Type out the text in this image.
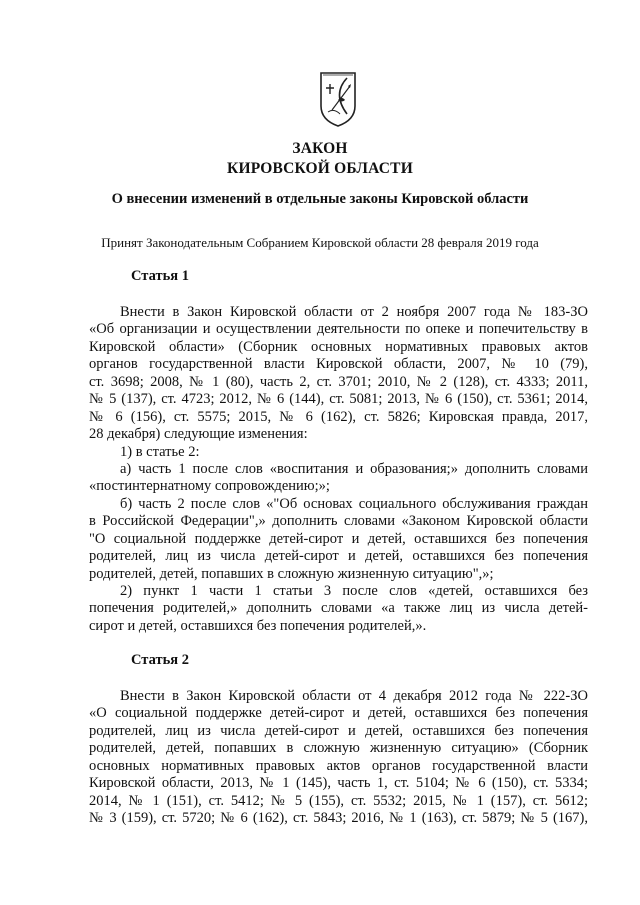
ЗАКОН
КИРОВСКОЙ ОБЛАСТИ
О внесении изменений в отдельные законы Кировской области
Принят Законодательным Собранием Кировской области 28 февраля 2019 года
Статья 1
Внести в Закон Кировской области от 2 ноября 2007 года № 183-ЗО
«Об организации и осуществлении деятельности по опеке и попечительству в
Кировской области» (Сборник основных нормативных правовых актов
органов государственной власти Кировской области, 2007, № 10 (79),
ст. 3698; 2008, № 1 (80), часть 2, ст. 3701; 2010, № 2 (128), ст. 4333; 2011,
№ 5 (137), ст. 4723; 2012, № 6 (144), ст. 5081; 2013, № 6 (150), ст. 5361; 2014,
№ 6 (156), ст. 5575; 2015, № 6 (162), ст. 5826; Кировская правда, 2017,
28 декабря) следующие изменения:
1) в статье 2:
а) часть 1 после слов «воспитания и образования;» дополнить словами
«постинтернатному сопровождению;»;
б) часть 2 после слов «"Об основах социального обслуживания граждан
в Российской Федерации",» дополнить словами «Законом Кировской области
"О социальной поддержке детей-сирот и детей, оставшихся без попечения
родителей, лиц из числа детей-сирот и детей, оставшихся без попечения
родителей, детей, попавших в сложную жизненную ситуацию",»;
2) пункт 1 части 1 статьи 3 после слов «детей, оставшихся без
попечения родителей,» дополнить словами «а также лиц из числа детей-
сирот и детей, оставшихся без попечения родителей,».
Статья 2
Внести в Закон Кировской области от 4 декабря 2012 года № 222-ЗО
«О социальной поддержке детей-сирот и детей, оставшихся без попечения
родителей, лиц из числа детей-сирот и детей, оставшихся без попечения
родителей, детей, попавших в сложную жизненную ситуацию» (Сборник
основных нормативных правовых актов органов государственной власти
Кировской области, 2013, № 1 (145), часть 1, ст. 5104; № 6 (150), ст. 5334;
2014, № 1 (151), ст. 5412; № 5 (155), ст. 5532; 2015, № 1 (157), ст. 5612;
№ 3 (159), ст. 5720; № 6 (162), ст. 5843; 2016, № 1 (163), ст. 5879; № 5 (167),
